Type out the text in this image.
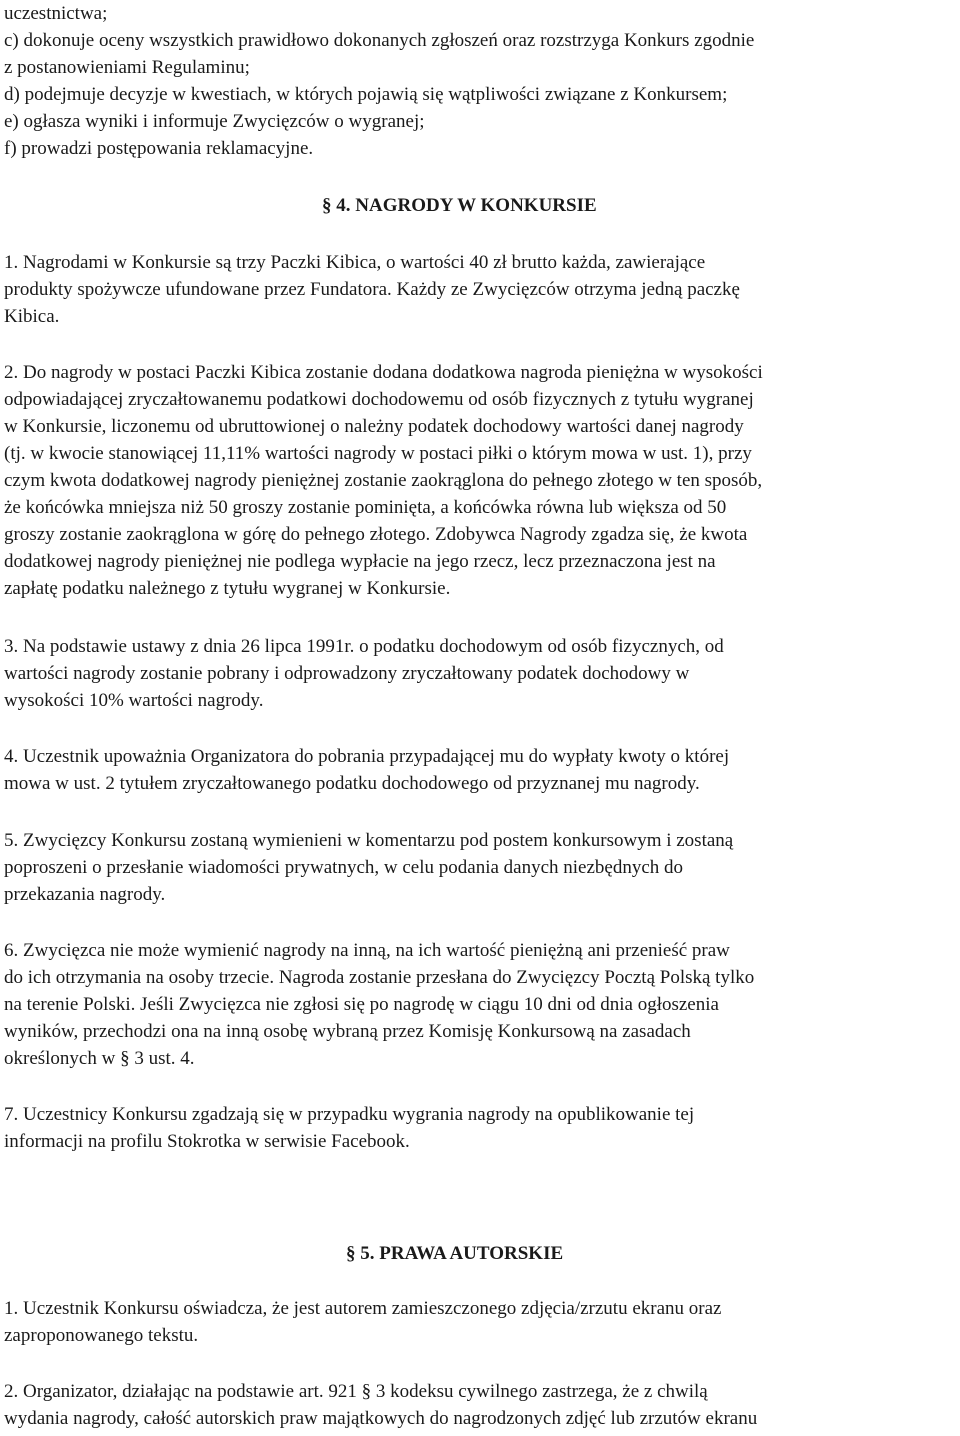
uczestnictwa;
c) dokonuje oceny wszystkich prawidłowo dokonanych zgłoszeń oraz rozstrzyga Konkurs zgodnie
z postanowieniami Regulaminu;
d) podejmuje decyzje w kwestiach, w których pojawią się wątpliwości związane z Konkursem;
e) ogłasza wyniki i informuje Zwycięzców o wygranej;
f) prowadzi postępowania reklamacyjne.
§ 4. NAGRODY W KONKURSIE
1. Nagrodami w Konkursie są trzy Paczki Kibica, o wartości 40 zł brutto każda, zawierające
produkty spożywcze ufundowane przez Fundatora. Każdy ze Zwycięzców otrzyma jedną paczkę
Kibica.
2. Do nagrody w postaci Paczki Kibica zostanie dodana dodatkowa nagroda pieniężna w wysokości
odpowiadającej zryczałtowanemu podatkowi dochodowemu od osób fizycznych z tytułu wygranej
w Konkursie, liczonemu od ubruttowionej o należny podatek dochodowy wartości danej nagrody
(tj. w kwocie stanowiącej 11,11% wartości nagrody w postaci piłki o którym mowa w ust. 1), przy
czym kwota dodatkowej nagrody pieniężnej zostanie zaokrąglona do pełnego złotego w ten sposób,
że końcówka mniejsza niż 50 groszy zostanie pominięta, a końcówka równa lub większa od 50
groszy zostanie zaokrąglona w górę do pełnego złotego. Zdobywca Nagrody zgadza się, że kwota
dodatkowej nagrody pieniężnej nie podlega wypłacie na jego rzecz, lecz przeznaczona jest na
zapłatę podatku należnego z tytułu wygranej w Konkursie.
3. Na podstawie ustawy z dnia 26 lipca 1991r. o podatku dochodowym od osób fizycznych, od
wartości nagrody zostanie pobrany i odprowadzony zryczałtowany podatek dochodowy w
wysokości 10% wartości nagrody.
4. Uczestnik upoważnia Organizatora do pobrania przypadającej mu do wypłaty kwoty o której
mowa w ust. 2 tytułem zryczałtowanego podatku dochodowego od przyznanej mu nagrody.
5. Zwycięzcy Konkursu zostaną wymienieni w komentarzu pod postem konkursowym i zostaną
poproszeni o przesłanie wiadomości prywatnych, w celu podania danych niezbędnych do
przekazania nagrody.
6. Zwycięzca nie może wymienić nagrody na inną, na ich wartość pieniężną ani przenieść praw
do ich otrzymania na osoby trzecie. Nagroda zostanie przesłana do Zwycięzcy Pocztą Polską tylko
na terenie Polski. Jeśli Zwycięzca nie zgłosi się po nagrodę w ciągu 10 dni od dnia ogłoszenia
wyników, przechodzi ona na inną osobę wybraną przez Komisję Konkursową na zasadach
określonych w § 3 ust. 4.
7. Uczestnicy Konkursu zgadzają się w przypadku wygrania nagrody na opublikowanie tej
informacji na profilu Stokrotka w serwisie Facebook.
§ 5. PRAWA AUTORSKIE
1. Uczestnik Konkursu oświadcza, że jest autorem zamieszczonego zdjęcia/zrzutu ekranu oraz
zaproponowanego tekstu.
2. Organizator, działając na podstawie art. 921 § 3 kodeksu cywilnego zastrzega, że z chwilą
wydania nagrody, całość autorskich praw majątkowych do nagrodzonych zdjęć lub zrzutów ekranu
